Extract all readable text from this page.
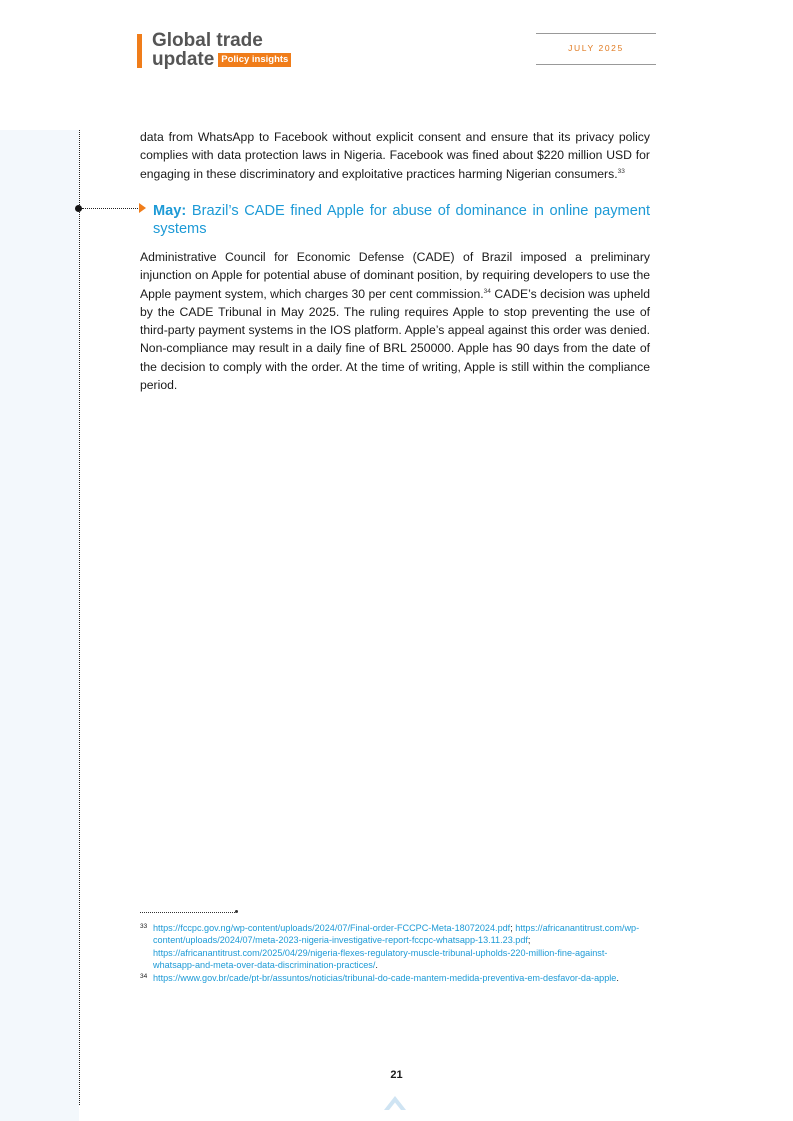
Global trade
update Policy insights
JULY 2025

data from WhatsApp to Facebook without explicit consent and ensure that its privacy policy complies with data protection laws in Nigeria. Facebook was fined about $220 million USD for engaging in these discriminatory and exploitative practices harming Nigerian consumers.$^{33}$

May: Brazil’s CADE fined Apple for abuse of dominance in online payment systems

Administrative Council for Economic Defense (CADE) of Brazil imposed a preliminary injunction on Apple for potential abuse of dominant position, by requiring developers to use the Apple payment system, which charges 30 per cent commission.$^{34}$ CADE’s decision was upheld by the CADE Tribunal in May 2025. The ruling requires Apple to stop preventing the use of third-party payment systems in the IOS platform. Apple’s appeal against this order was denied. Non-compliance may result in a daily fine of BRL 250000. Apple has 90 days from the date of the decision to comply with the order. At the time of writing, Apple is still within the compliance period.

33 https://fccpc.gov.ng/wp-content/uploads/2024/07/Final-order-FCCPC-Meta-18072024.pdf; https://africanantitrust.com/wp-content/uploads/2024/07/meta-2023-nigeria-investigative-report-fccpc-whatsapp-13.11.23.pdf; https://africanantitrust.com/2025/04/29/nigeria-flexes-regulatory-muscle-tribunal-upholds-220-million-fine-against-whatsapp-and-meta-over-data-discrimination-practices/.
34 https://www.gov.br/cade/pt-br/assuntos/noticias/tribunal-do-cade-mantem-medida-preventiva-em-desfavor-da-apple.
21
